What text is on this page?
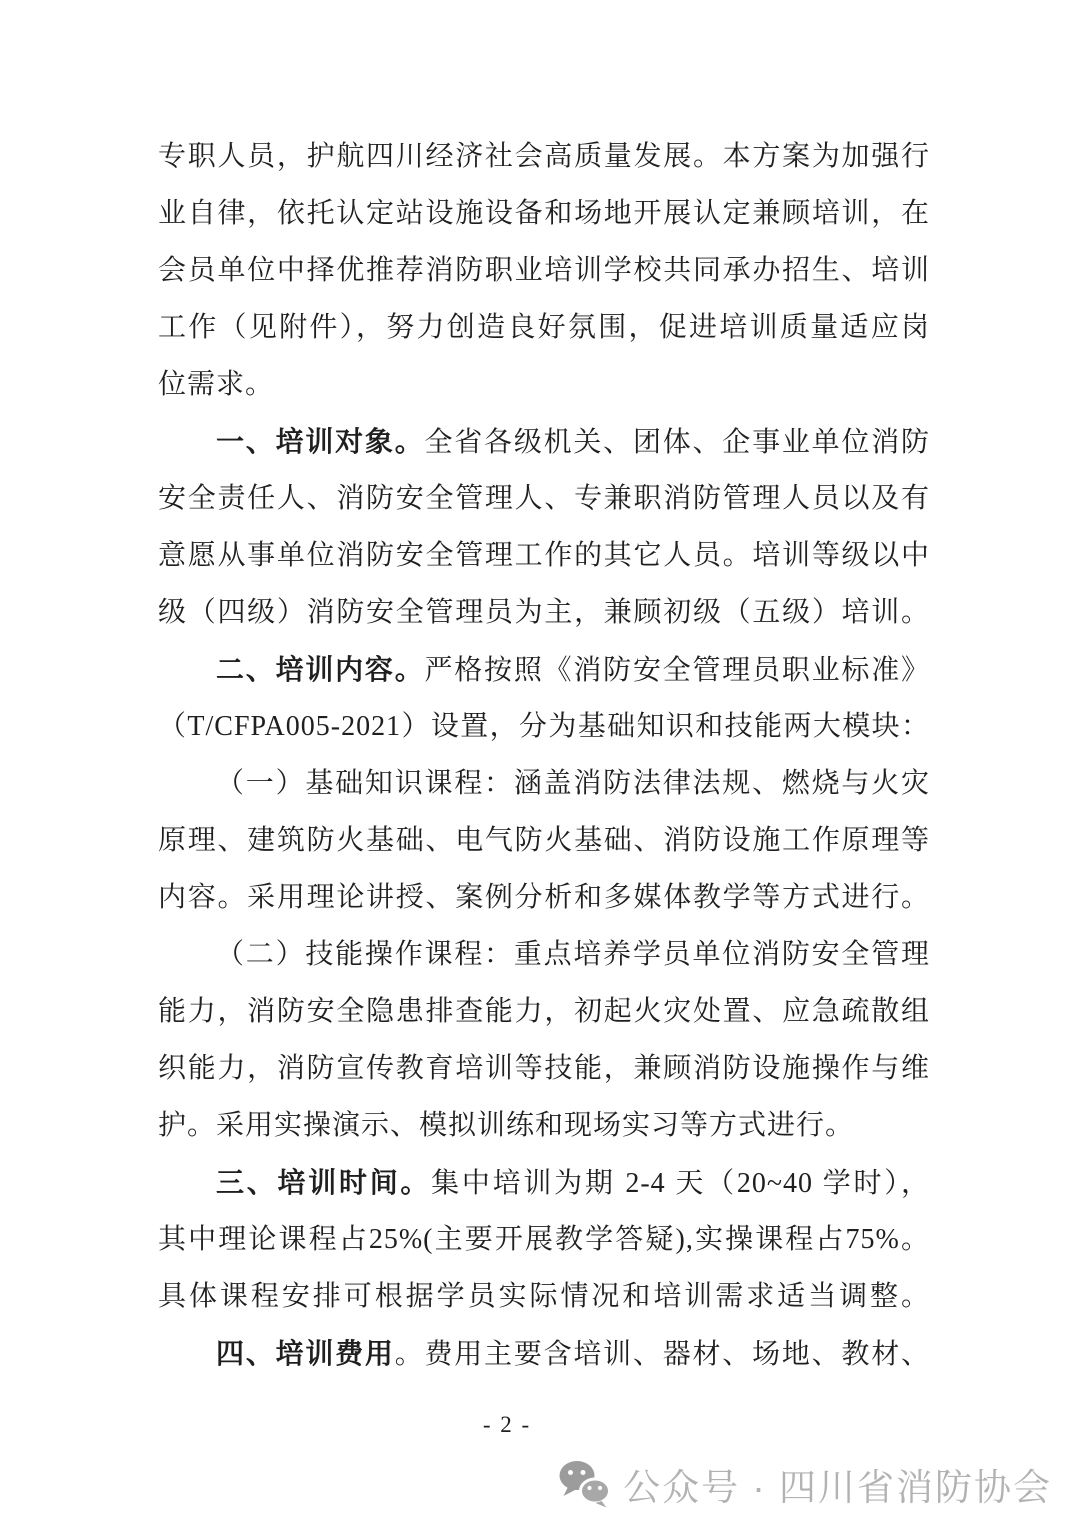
专职人员，护航四川经济社会高质量发展。本方案为加强行
业自律，依托认定站设施设备和场地开展认定兼顾培训，在
会员单位中择优推荐消防职业培训学校共同承办招生、培训
工作（见附件），努力创造良好氛围，促进培训质量适应岗
位需求。
一、培训对象。全省各级机关、团体、企事业单位消防
安全责任人、消防安全管理人、专兼职消防管理人员以及有
意愿从事单位消防安全管理工作的其它人员。培训等级以中
级（四级）消防安全管理员为主，兼顾初级（五级）培训。
二、培训内容。严格按照《消防安全管理员职业标准》
（T/CFPA005-2021）设置，分为基础知识和技能两大模块：
（一）基础知识课程：涵盖消防法律法规、燃烧与火灾
原理、建筑防火基础、电气防火基础、消防设施工作原理等
内容。采用理论讲授、案例分析和多媒体教学等方式进行。
（二）技能操作课程：重点培养学员单位消防安全管理
能力，消防安全隐患排查能力，初起火灾处置、应急疏散组
织能力，消防宣传教育培训等技能，兼顾消防设施操作与维
护。采用实操演示、模拟训练和现场实习等方式进行。
三、培训时间。集中培训为期 2-4 天（20~40 学时），
其中理论课程占25%(主要开展教学答疑),实操课程占75%。
具体课程安排可根据学员实际情况和培训需求适当调整。
四、培训费用。费用主要含培训、器材、场地、教材、
- 2 -
公众号 · 四川省消防协会
